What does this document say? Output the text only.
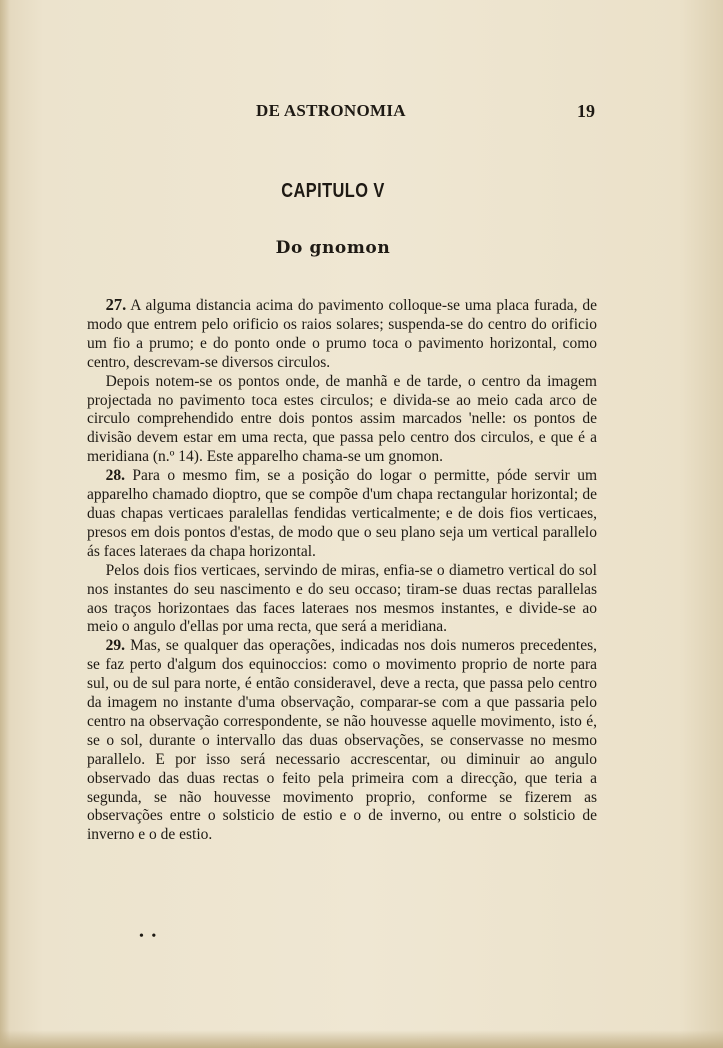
DE ASTRONOMIA	19
CAPITULO V
Do gnomon

27. A alguma distancia acima do pavimento colloque-se uma placa furada, de modo que entrem pelo orificio os raios solares; suspenda-se do centro do orificio um fio a prumo; e do ponto onde o prumo toca o pavimento horizontal, como centro, descrevam-se diversos circulos.

Depois notem-se os pontos onde, de manhã e de tarde, o centro da imagem projectada no pavimento toca estes circulos; e divida-se ao meio cada arco de circulo comprehendido entre dois pontos assim marcados 'nelle: os pontos de divisão devem estar em uma recta, que passa pelo centro dos circulos, e que é a meridiana (n.º 14). Este apparelho chama-se um gnomon.

28. Para o mesmo fim, se a posição do logar o permitte, póde servir um apparelho chamado dioptro, que se compõe d'um chapa rectangular horizontal; de duas chapas verticaes paralellas fendidas verticalmente; e de dois fios verticaes, presos em dois pontos d'estas, de modo que o seu plano seja um vertical parallelo ás faces lateraes da chapa horizontal.

Pelos dois fios verticaes, servindo de miras, enfia-se o diametro vertical do sol nos instantes do seu nascimento e do seu occaso; tiram-se duas rectas parallelas aos traços horizontaes das faces lateraes nos mesmos instantes, e divide-se ao meio o angulo d'ellas por uma recta, que será a meridiana.

29. Mas, se qualquer das operações, indicadas nos dois numeros precedentes, se faz perto d'algum dos equinoccios: como o movimento proprio de norte para sul, ou de sul para norte, é então consideravel, deve a recta, que passa pelo centro da imagem no instante d'uma observação, comparar-se com a que passaria pelo centro na observação correspondente, se não houvesse aquelle movimento, isto é, se o sol, durante o intervallo das duas observações, se conservasse no mesmo parallelo. E por isso será necessario accrescentar, ou diminuir ao angulo observado das duas rectas o feito pela primeira com a direcção, que teria a segunda, se não houvesse movimento proprio, conforme se fizerem as observações entre o solsticio de estio e o de inverno, ou entre o solsticio de inverno e o de estio.

• •
